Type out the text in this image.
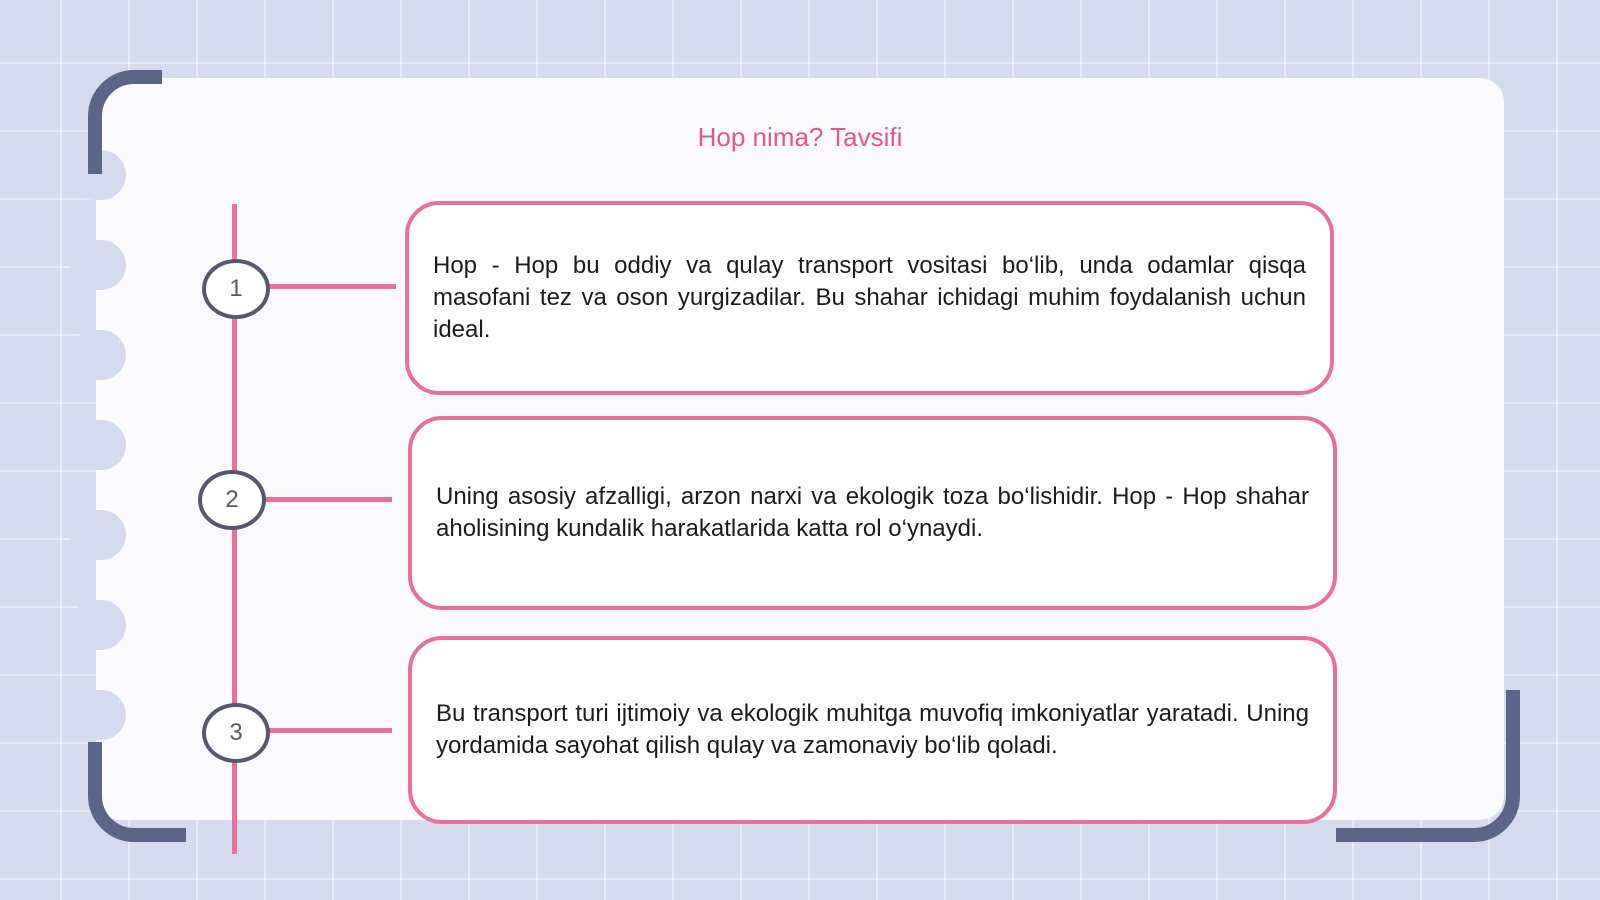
Hop nima? Tavsifi
1
2
3

Hop - Hop bu oddiy va qulay transport vositasi bo‘lib, unda odamlar qisqa masofani tez va oson yurgizadilar. Bu shahar ichidagi muhim foydalanish uchun ideal.

Uning asosiy afzalligi, arzon narxi va ekologik toza bo‘lishidir. Hop - Hop shahar aholisining kundalik harakatlarida katta rol o‘ynaydi.

Bu transport turi ijtimoiy va ekologik muhitga muvofiq imkoniyatlar yaratadi. Uning yordamida sayohat qilish qulay va zamonaviy bo‘lib qoladi.
